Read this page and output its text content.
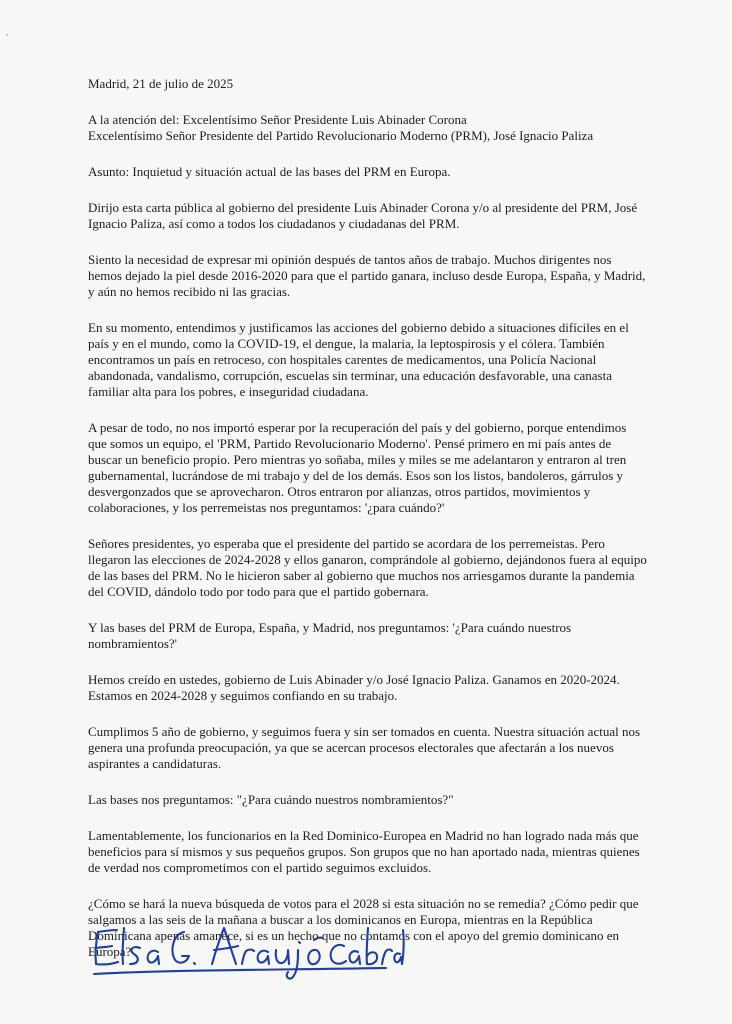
Madrid, 21 de julio de 2025

A la atención del: Excelentísimo Señor Presidente Luis Abinader Corona

Excelentísimo Señor Presidente del Partido Revolucionario Moderno (PRM), José Ignacio Paliza

Asunto: Inquietud y situación actual de las bases del PRM en Europa.

Dirijo esta carta pública al gobierno del presidente Luis Abinader Corona y/o al presidente del PRM, José Ignacio Paliza, así como a todos los ciudadanos y ciudadanas del PRM.

Siento la necesidad de expresar mi opinión después de tantos años de trabajo. Muchos dirigentes nos hemos dejado la piel desde 2016-2020 para que el partido ganara, incluso desde Europa, España, y Madrid, y aún no hemos recibido ni las gracias.

En su momento, entendimos y justificamos las acciones del gobierno debido a situaciones difíciles en el país y en el mundo, como la COVID-19, el dengue, la malaria, la leptospirosis y el cólera. También encontramos un país en retroceso, con hospitales carentes de medicamentos, una Policía Nacional abandonada, vandalismo, corrupción, escuelas sin terminar, una educación desfavorable, una canasta familiar alta para los pobres, e inseguridad ciudadana.

A pesar de todo, no nos importó esperar por la recuperación del país y del gobierno, porque entendimos que somos un equipo, el 'PRM, Partido Revolucionario Moderno'. Pensé primero en mi país antes de buscar un beneficio propio. Pero mientras yo soñaba, miles y miles se me adelantaron y entraron al tren gubernamental, lucrándose de mi trabajo y del de los demás. Esos son los listos, bandoleros, gárrulos y desvergonzados que se aprovecharon. Otros entraron por alianzas, otros partidos, movimientos y colaboraciones, y los perremeistas nos preguntamos: '¿para cuándo?'

Señores presidentes, yo esperaba que el presidente del partido se acordara de los perremeistas. Pero llegaron las elecciones de 2024-2028 y ellos ganaron, comprándole al gobierno, dejándonos fuera al equipo de las bases del PRM. No le hicieron saber al gobierno que muchos nos arriesgamos durante la pandemia del COVID, dándolo todo por todo para que el partido gobernara.

Y las bases del PRM de Europa, España, y Madrid, nos preguntamos: '¿Para cuándo nuestros nombramientos?'

Hemos creído en ustedes, gobierno de Luis Abinader y/o José Ignacio Paliza. Ganamos en 2020-2024. Estamos en 2024-2028 y seguimos confiando en su trabajo.

Cumplimos 5 año de gobierno, y seguimos fuera y sin ser tomados en cuenta. Nuestra situación actual nos genera una profunda preocupación, ya que se acercan procesos electorales que afectarán a los nuevos aspirantes a candidaturas.

Las bases nos preguntamos: "¿Para cuándo nuestros nombramientos?"

Lamentablemente, los funcionarios en la Red Dominico-Europea en Madrid no han logrado nada más que beneficios para sí mismos y sus pequeños grupos. Son grupos que no han aportado nada, mientras quienes de verdad nos comprometimos con el partido seguimos excluidos.

¿Cómo se hará la nueva búsqueda de votos para el 2028 si esta situación no se remedia? ¿Cómo pedir que salgamos a las seis de la mañana a buscar a los dominicanos en Europa, mientras en la República Dominicana apenas amanece, si es un hecho que no contamos con el apoyo del gremio dominicano en Europa?
